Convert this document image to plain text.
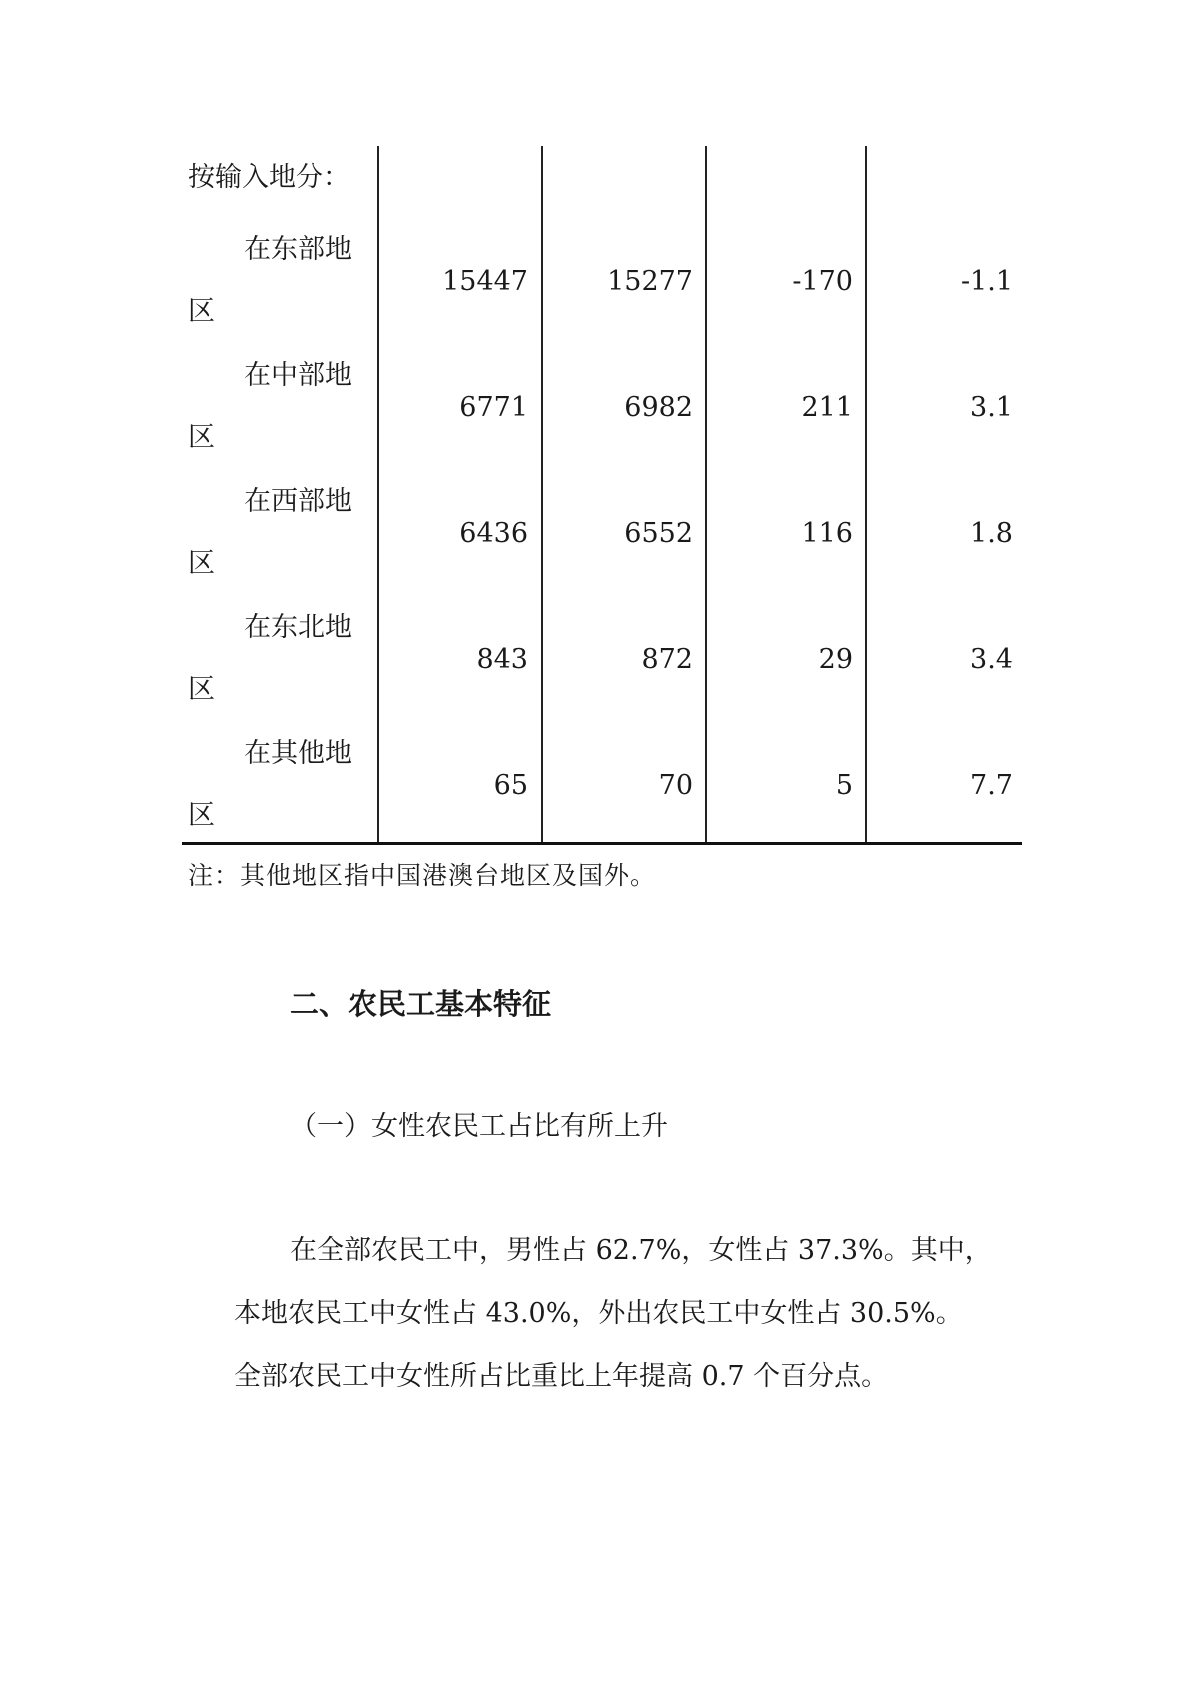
按输入地分：
在东部地
区
15447	15277	-170	-1.1
在中部地
区
6771	6982	211	3.1
在西部地
区
6436	6552	116	1.8
在东北地
区
843	872	29	3.4
在其他地
区
65	70	5	7.7
注：其他地区指中国港澳台地区及国外。
二、农民工基本特征
（一）女性农民工占比有所上升
在全部农民工中，男性占 62.7%，女性占 37.3%。其中，
本地农民工中女性占 43.0%，外出农民工中女性占 30.5%。
全部农民工中女性所占比重比上年提高 0.7 个百分点。
